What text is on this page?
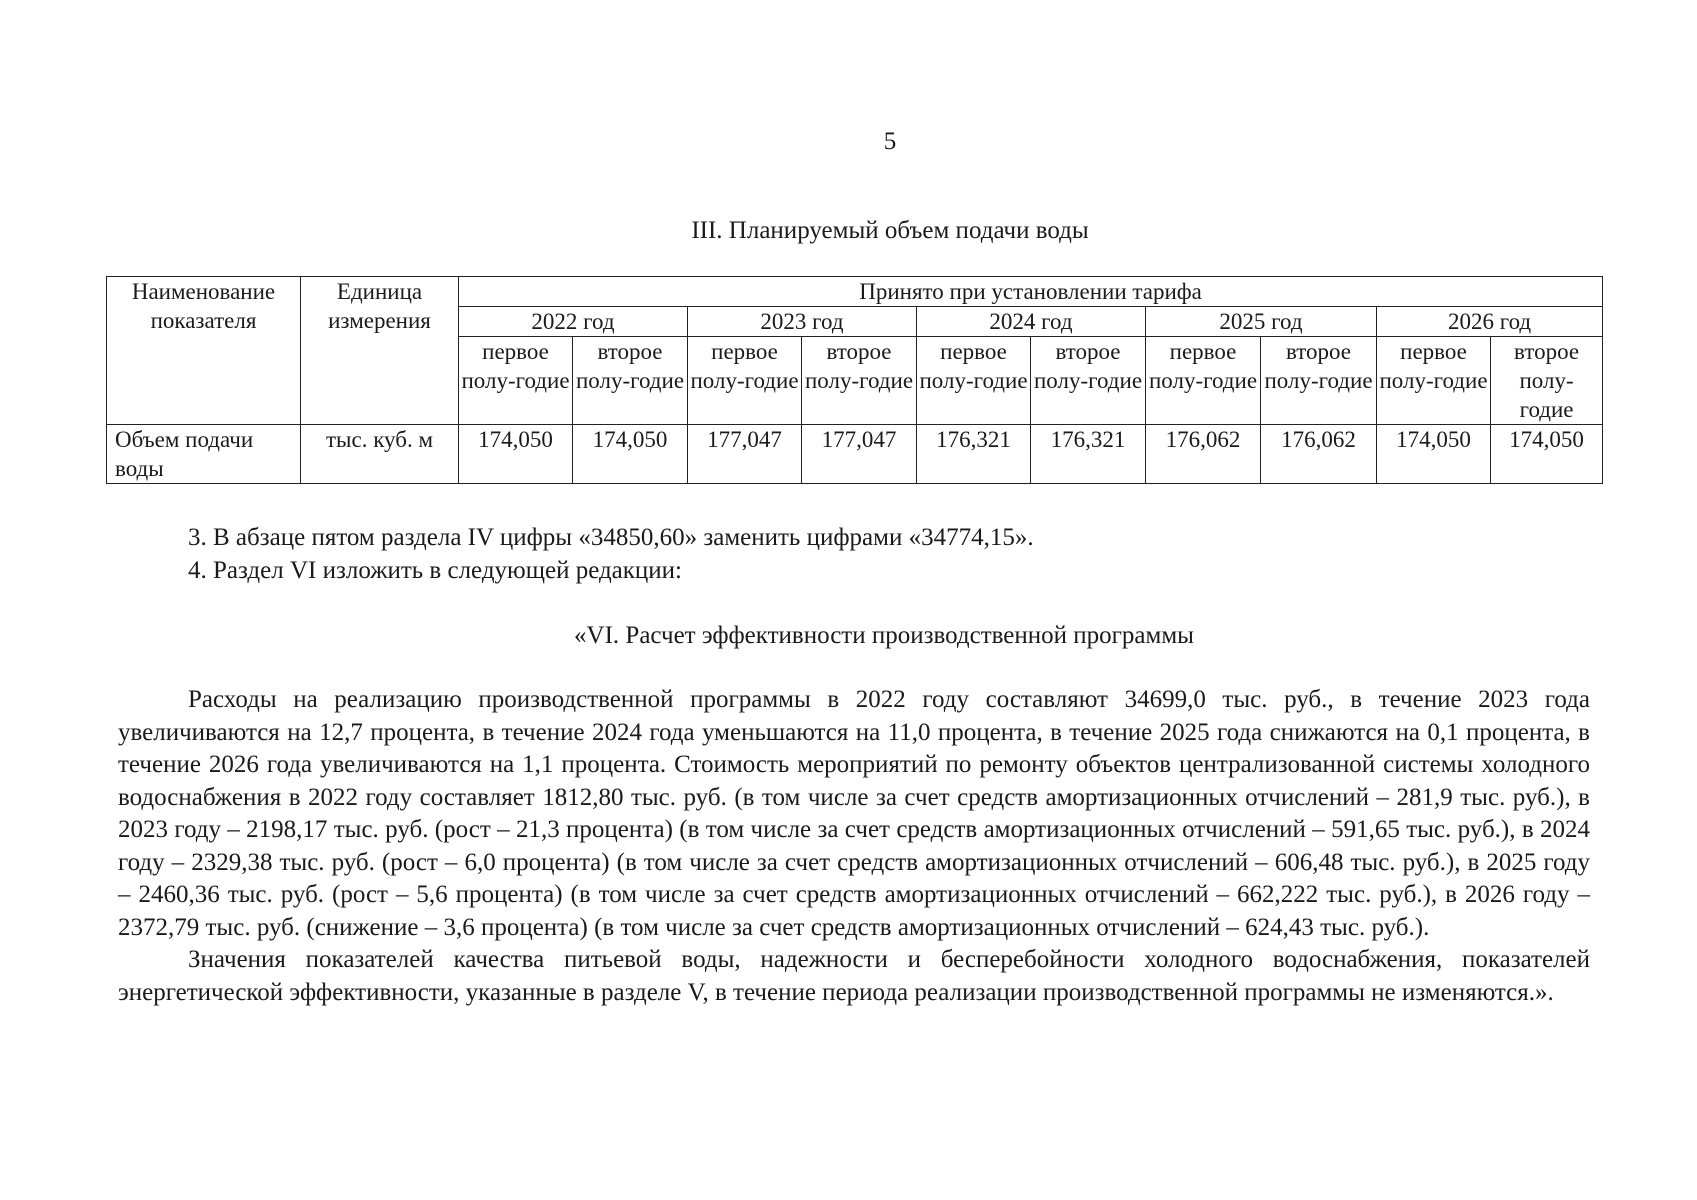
5
III. Планируемый объем подачи воды
Наименование показателя	Единица измерения	Принято при установлении тарифа									
		2022 год		2023 год		2024 год		2025 год		2026 год	
		первое полу-годие	второе полу-годие	первое полу-годие	второе полу-годие	первое полу-годие	второе полу-годие	первое полу-годие	второе полу-годие	первое полу-годие	второе полу-годие
Объем подачи воды	тыс. куб. м	174,050	174,050	177,047	177,047	176,321	176,321	176,062	176,062	174,050	174,050

3. В абзаце пятом раздела IV цифры «34850,60» заменить цифрами «34774,15».

4. Раздел VI изложить в следующей редакции:

«VI. Расчет эффективности производственной программы

Расходы на реализацию производственной программы в 2022 году составляют 34699,0 тыс. руб., в течение 2023 года увеличиваются на 12,7 процента, в течение 2024 года уменьшаются на 11,0 процента, в течение 2025 года снижаются на 0,1 процента, в течение 2026 года увеличиваются на 1,1 процента. Стоимость мероприятий по ремонту объектов централизованной системы холодного водоснабжения в 2022 году составляет 1812,80 тыс. руб. (в том числе за счет средств амортизационных отчислений – 281,9 тыс. руб.), в 2023 году – 2198,17 тыс. руб. (рост – 21,3 процента) (в том числе за счет средств амортизационных отчислений – 591,65 тыс. руб.), в 2024 году – 2329,38 тыс. руб. (рост – 6,0 процента) (в том числе за счет средств амортизационных отчислений – 606,48 тыс. руб.), в 2025 году – 2460,36 тыс. руб. (рост – 5,6 процента) (в том числе за счет средств амортизационных отчислений – 662,222 тыс. руб.), в 2026 году – 2372,79 тыс. руб. (снижение – 3,6 процента) (в том числе за счет средств амортизационных отчислений – 624,43 тыс. руб.).

Значения показателей качества питьевой воды, надежности и бесперебойности холодного водоснабжения, показателей энергетической эффективности, указанные в разделе V, в течение периода реализации производственной программы не изменяются.».
